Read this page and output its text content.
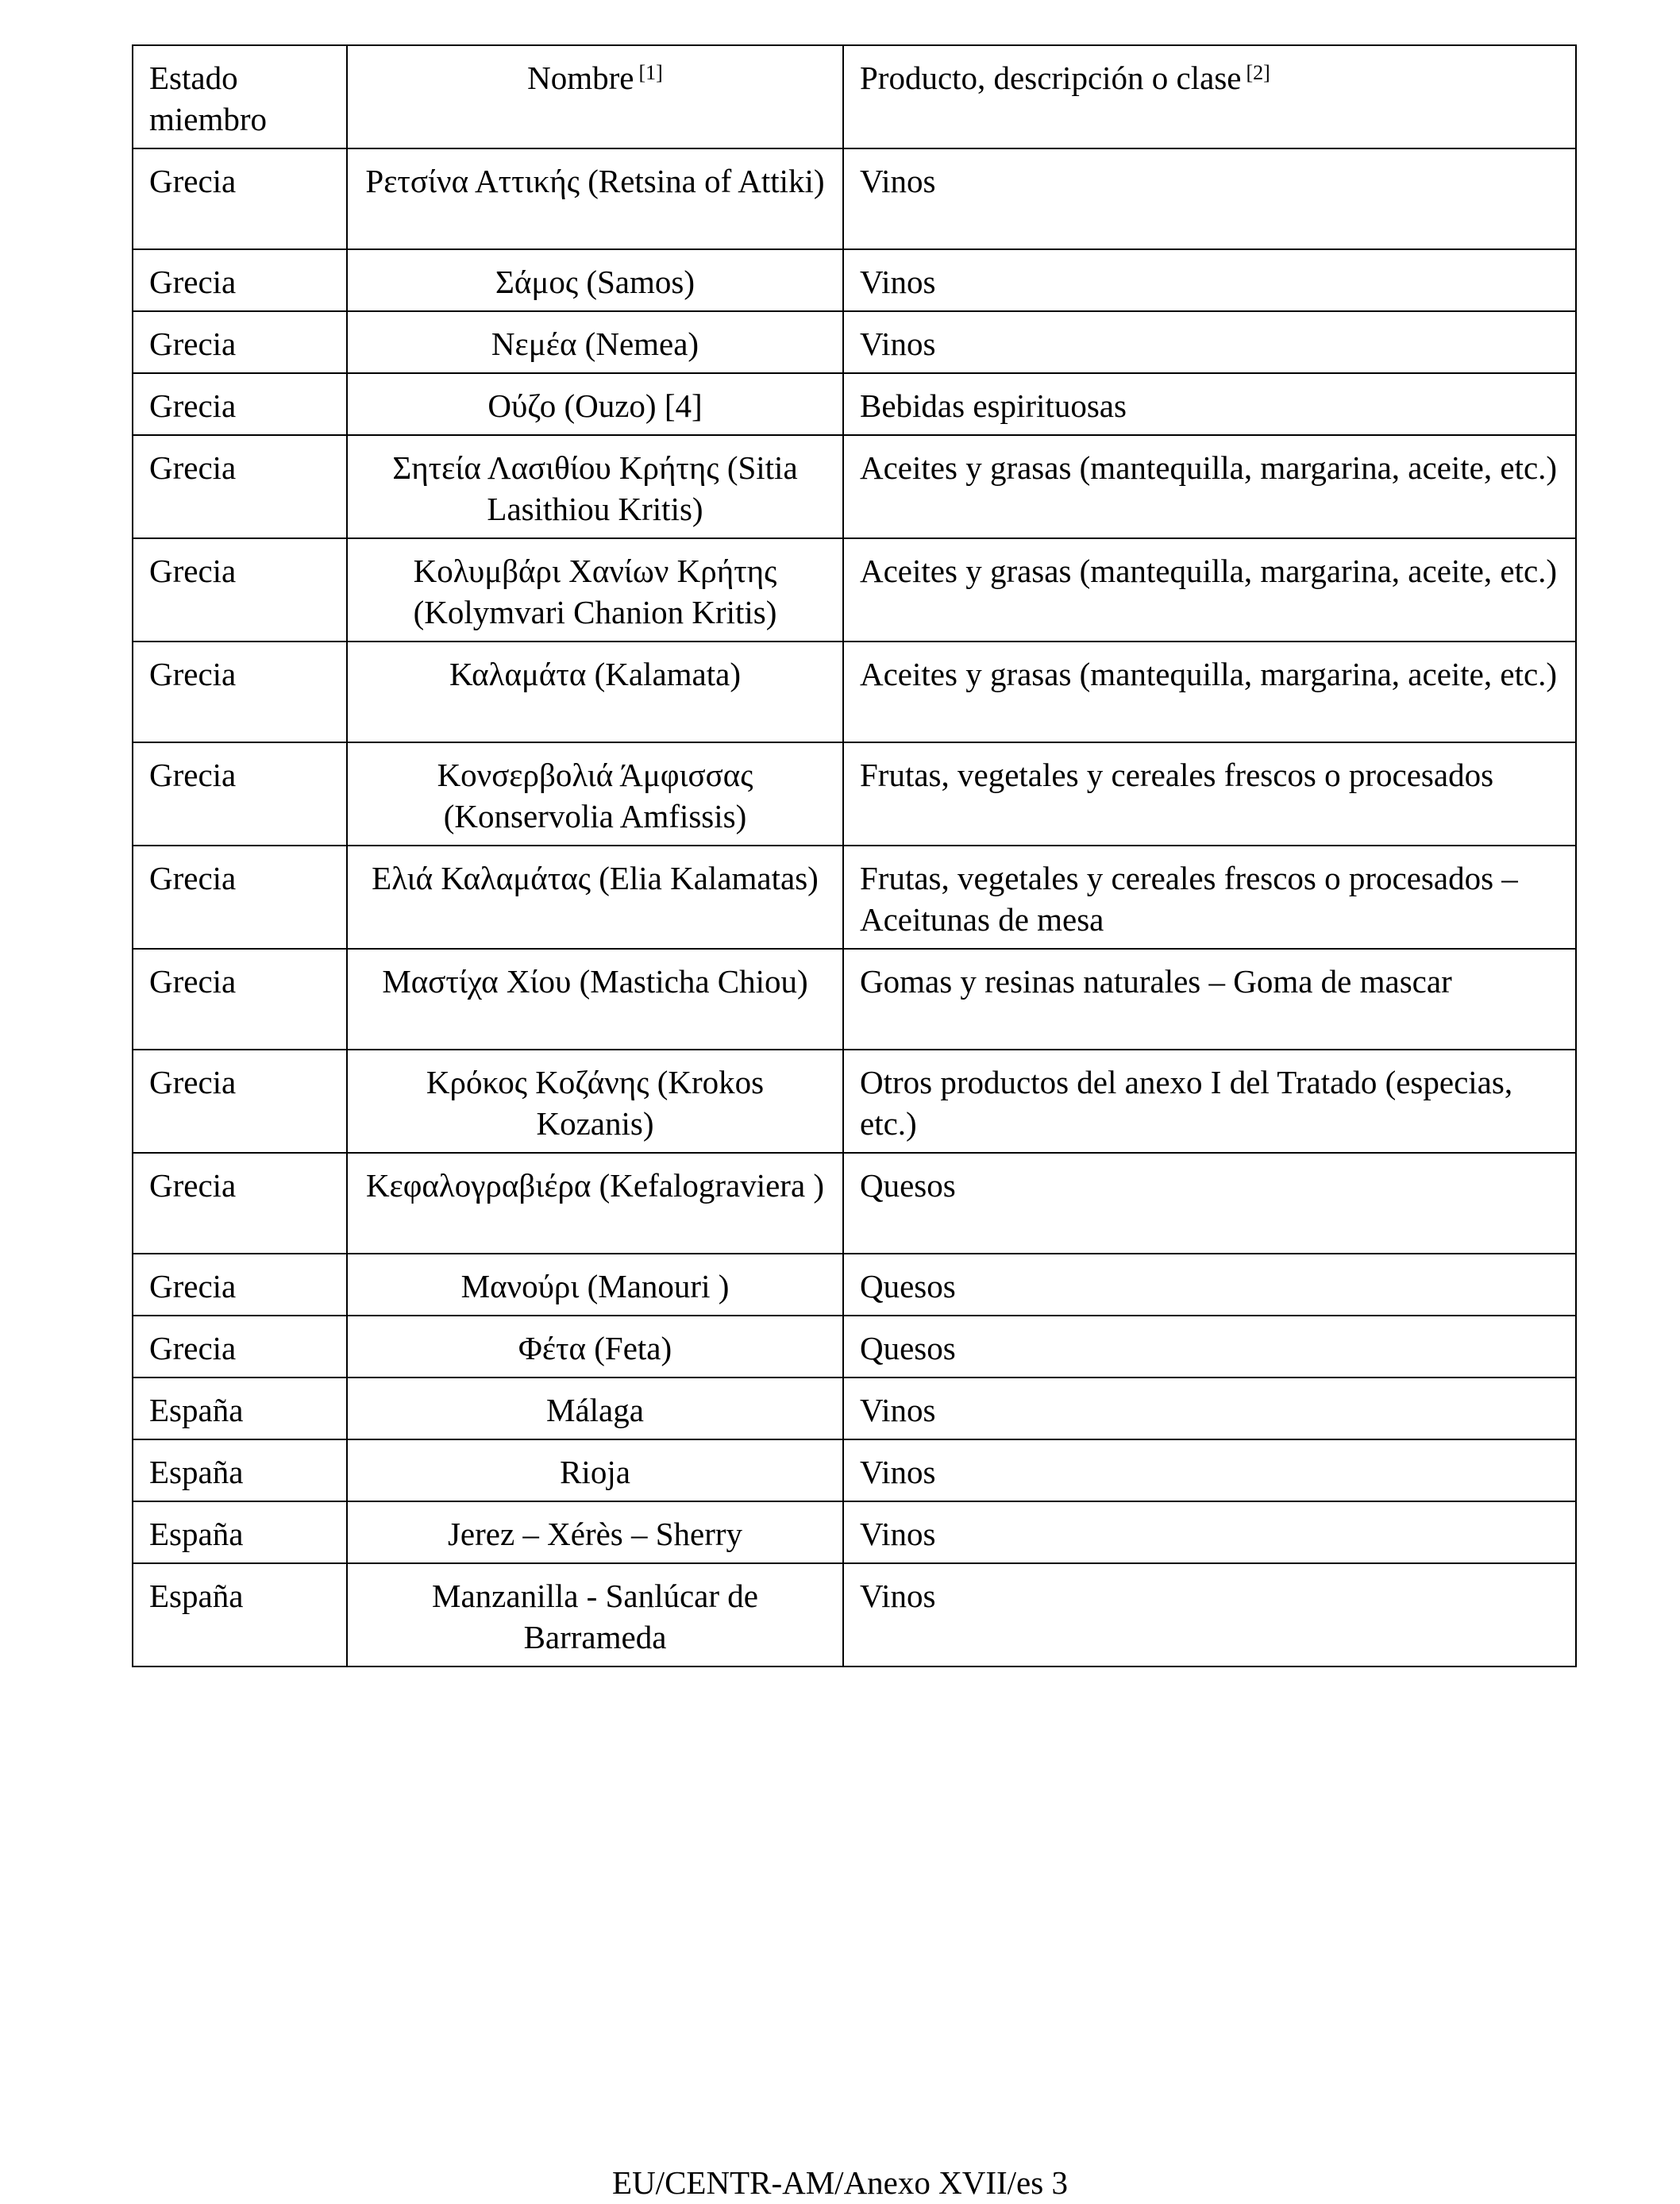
Estado miembro	Nombre [1]	Producto, descripción o clase [2]
Grecia	Ρετσίνα Αττικής (Retsina of Attiki)	Vinos
Grecia	Σάμος (Samos)	Vinos
Grecia	Νεμέα (Nemea)	Vinos
Grecia	Ούζο (Ouzo) [4]	Bebidas espirituosas
Grecia	Σητεία Λασιθίου Κρήτης (Sitia Lasithiou Kritis)	Aceites y grasas (mantequilla, margarina, aceite, etc.)
Grecia	Κολυμβάρι Χανίων Κρήτης (Kolymvari Chanion Kritis)	Aceites y grasas (mantequilla, margarina, aceite, etc.)
Grecia	Καλαμάτα (Kalamata)	Aceites y grasas (mantequilla, margarina, aceite, etc.)
Grecia	Κονσερβολιά Άμφισσας (Konservolia Amfissis)	Frutas, vegetales y cereales frescos o procesados
Grecia	Ελιά Καλαμάτας (Elia Kalamatas)	Frutas, vegetales y cereales frescos o procesados – Aceitunas de mesa
Grecia	Μαστίχα Χίου (Masticha Chiou)	Gomas y resinas naturales – Goma de mascar
Grecia	Κρόκος Κοζάνης (Krokos Kozanis)	Otros productos del anexo I del Tratado (especias, etc.)
Grecia	Κεφαλογραβιέρα (Kefalograviera )	Quesos
Grecia	Μανούρι (Manouri )	Quesos
Grecia	Φέτα (Feta)	Quesos
España	Málaga	Vinos
España	Rioja	Vinos
España	Jerez – Xérès – Sherry	Vinos
España	Manzanilla - Sanlúcar de Barrameda	Vinos
EU/CENTR-AM/Anexo XVII/es 3
